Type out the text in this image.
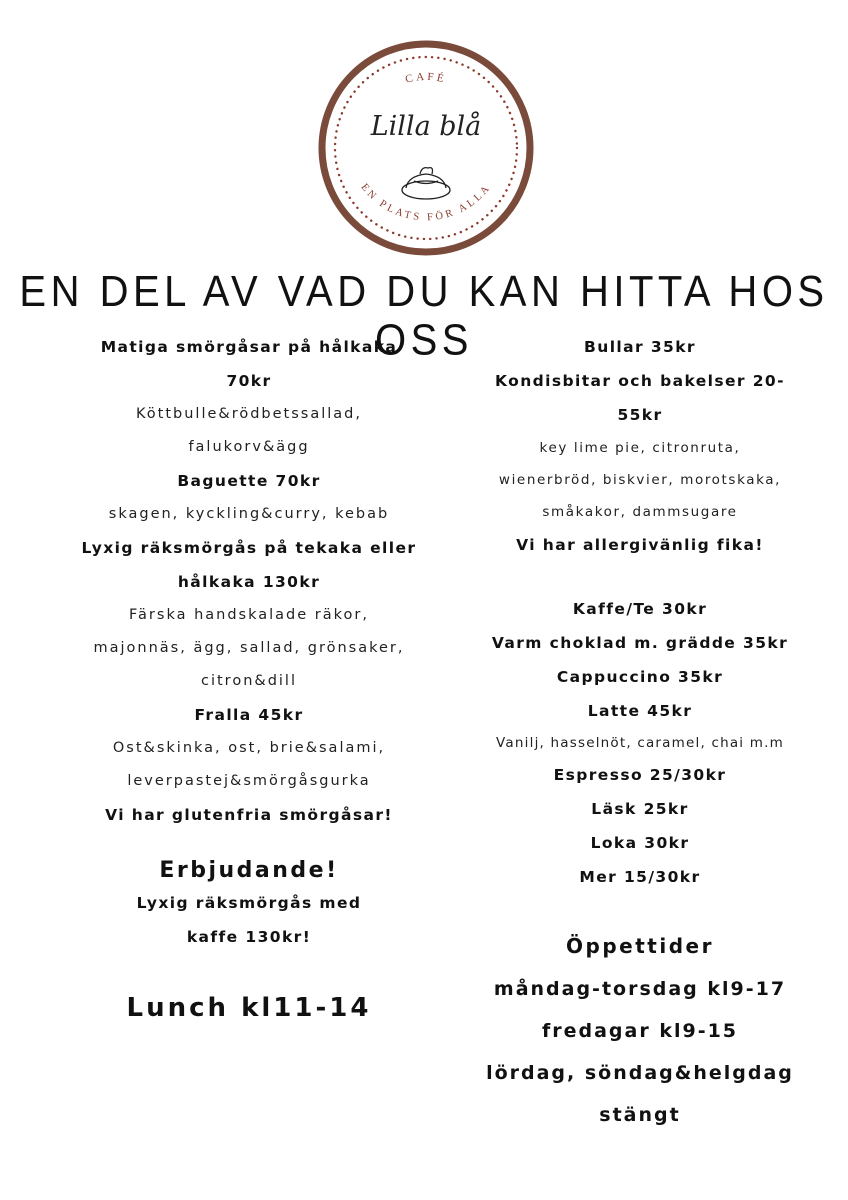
CAFÉ
Lilla blå
EN PLATS FÖR ALLA
EN DEL AV VAD DU KAN HITTA HOS OSS
Matiga smörgåsar på hålkaka
70kr
Köttbulle&rödbetssallad,
falukorv&ägg
Baguette 70kr
skagen, kyckling&curry, kebab
Lyxig räksmörgås på tekaka eller
hålkaka 130kr
Färska handskalade räkor,
majonnäs, ägg, sallad, grönsaker,
citron&dill
Fralla 45kr
Ost&skinka, ost, brie&salami,
leverpastej&smörgåsgurka
Vi har glutenfria smörgåsar!
Erbjudande!
Lyxig räksmörgås med
kaffe 130kr!
Lunch kl11-14
Bullar 35kr
Kondisbitar och bakelser 20-
55kr
key lime pie, citronruta,
wienerbröd, biskvier, morotskaka,
småkakor, dammsugare
Vi har allergivänlig fika!
Kaffe/Te 30kr
Varm choklad m. grädde 35kr
Cappuccino 35kr
Latte 45kr
Vanilj, hasselnöt, caramel, chai m.m
Espresso 25/30kr
Läsk 25kr
Loka 30kr
Mer 15/30kr
Öppettider
måndag-torsdag kl9-17
fredagar kl9-15
lördag, söndag&helgdag
stängt
